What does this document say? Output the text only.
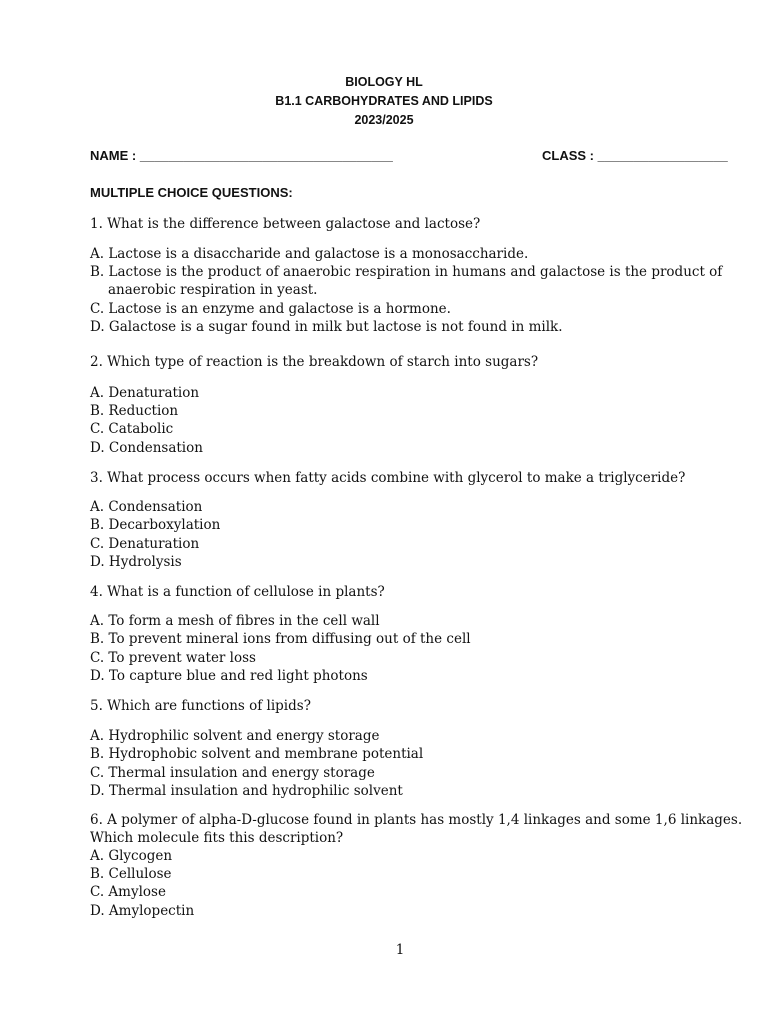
BIOLOGY HL
B1.1 CARBOHYDRATES AND LIPIDS
2023/2025
NAME : ___________________________________	CLASS : __________________
MULTIPLE CHOICE QUESTIONS:
1. What is the difference between galactose and lactose?
A. Lactose is a disaccharide and galactose is a monosaccharide.
B. Lactose is the product of anaerobic respiration in humans and galactose is the product of
anaerobic respiration in yeast.
C. Lactose is an enzyme and galactose is a hormone.
D. Galactose is a sugar found in milk but lactose is not found in milk.
2. Which type of reaction is the breakdown of starch into sugars?
A. Denaturation
B. Reduction
C. Catabolic
D. Condensation
3. What process occurs when fatty acids combine with glycerol to make a triglyceride?
A. Condensation
B. Decarboxylation
C. Denaturation
D. Hydrolysis
4. What is a function of cellulose in plants?
A. To form a mesh of fibres in the cell wall
B. To prevent mineral ions from diffusing out of the cell
C. To prevent water loss
D. To capture blue and red light photons
5. Which are functions of lipids?
A. Hydrophilic solvent and energy storage
B. Hydrophobic solvent and membrane potential
C. Thermal insulation and energy storage
D. Thermal insulation and hydrophilic solvent
6. A polymer of alpha-D-glucose found in plants has mostly 1,4 linkages and some 1,6 linkages.
Which molecule fits this description?
A. Glycogen
B. Cellulose
C. Amylose
D. Amylopectin
1
